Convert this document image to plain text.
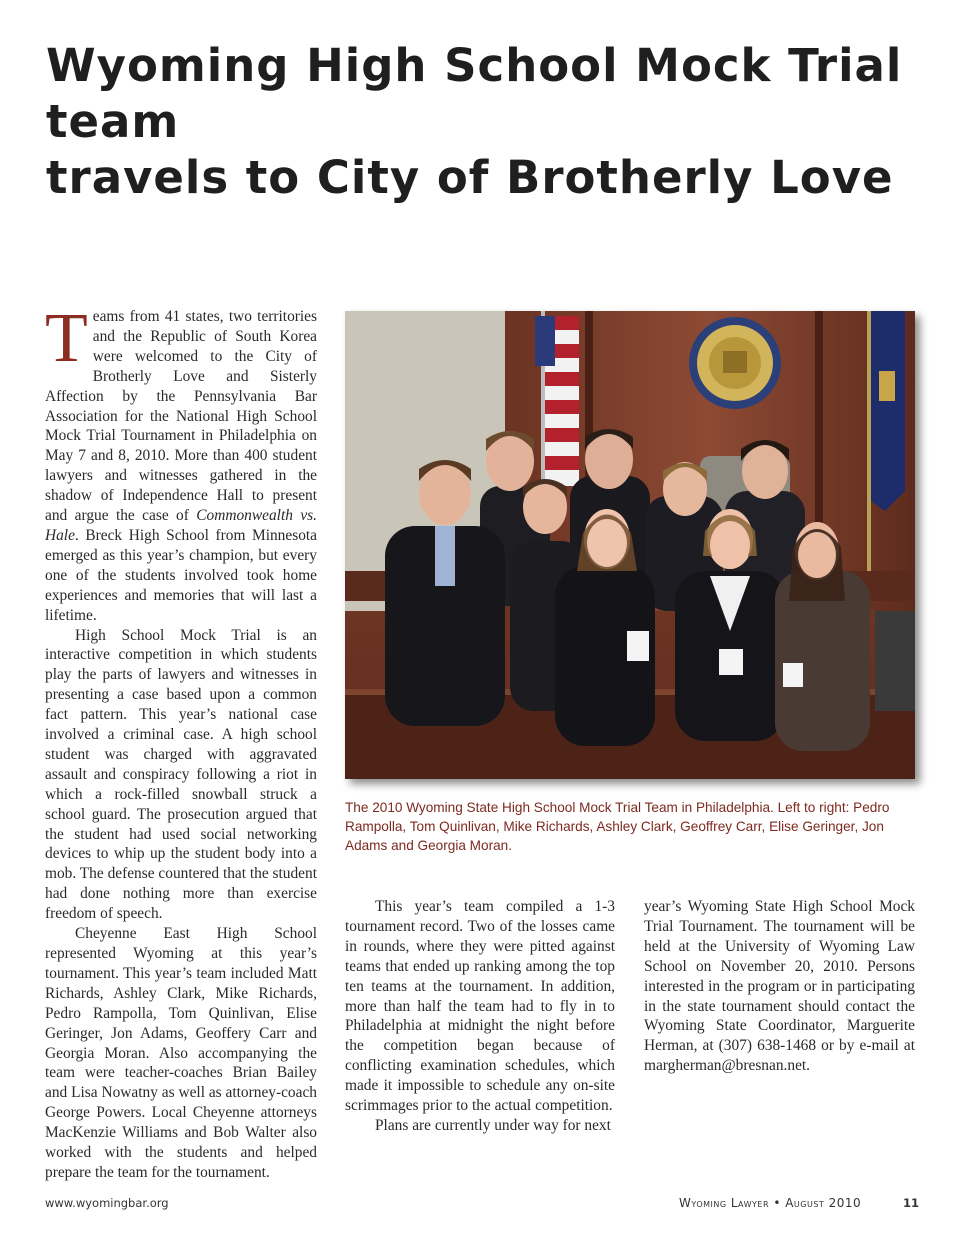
Wyoming High School Mock Trial team
travels to City of Brotherly Love

Teams from 41 states, two territories and the Republic of South Korea were welcomed to the City of Brotherly Love and Sisterly Affection by the Pennsylvania Bar Association for the National High School Mock Trial Tournament in Philadelphia on May 7 and 8, 2010. More than 400 student lawyers and witnesses gathered in the shadow of Independence Hall to present and argue the case of Commonwealth vs. Hale. Breck High School from Minnesota emerged as this year’s champion, but every one of the students involved took home experiences and memories that will last a lifetime.

High School Mock Trial is an interactive competition in which students play the parts of lawyers and witnesses in presenting a case based upon a common fact pattern. This year’s national case involved a criminal case. A high school student was charged with aggravated assault and conspiracy following a riot in which a rock-filled snowball struck a school guard. The prosecution argued that the student had used social networking devices to whip up the student body into a mob. The defense countered that the student had done nothing more than exercise freedom of speech.

Cheyenne East High School represented Wyoming at this year’s tournament. This year’s team included Matt Richards, Ashley Clark, Mike Richards, Pedro Rampolla, Tom Quinlivan, Elise Geringer, Jon Adams, Geoffery Carr and Georgia Moran. Also accompanying the team were teacher-coaches Brian Bailey and Lisa Nowatny as well as attorney-coach George Powers. Local Cheyenne attorneys MacKenzie Williams and Bob Walter also worked with the students and helped prepare the team for the tournament.

The 2010 Wyoming State High School Mock Trial Team in Philadelphia. Left to right: Pedro Rampolla, Tom Quinlivan, Mike Richards, Ashley Clark, Geoffrey Carr, Elise Geringer, Jon Adams and Georgia Moran.

This year’s team compiled a 1-3 tournament record. Two of the losses came in rounds, where they were pitted against teams that ended up ranking among the top ten teams at the tournament. In addition, more than half the team had to fly in to Philadelphia at midnight the night before the competition began because of conflicting examination schedules, which made it impossible to schedule any on-site scrimmages prior to the actual competition.

Plans are currently under way for next

year’s Wyoming State High School Mock Trial Tournament. The tournament will be held at the University of Wyoming Law School on November 20, 2010. Persons interested in the program or in participating in the state tournament should contact the Wyoming State Coordinator, Marguerite Herman, at (307) 638-1468 or by e-mail at margherman@bresnan.net.

www.wyomingbar.org	Wyoming Lawyer • August 2010	11
